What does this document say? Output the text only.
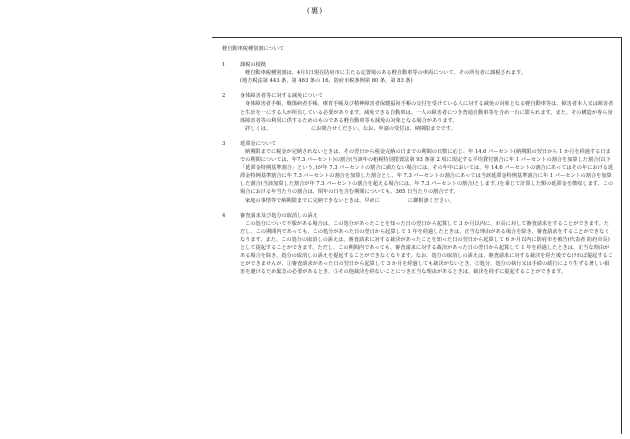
(裏)
軽自動車税種別割について

1	課税の根拠

軽自動車税種別割は、4月1日現在防府市に主たる定置場のある軽自動車等の車両について、その所有者に課税されます。

(地方税法第 443 条、第 463 条の 16、防府市税条例第 80 条、第 83 条)

2	身体障害者等に対する減免について

身体障害者手帳、戦傷病者手帳、療育手帳及び精神障害者保健福祉手帳の交付を受けている人に対する減免の対象となる軽自動車等は、障害者本人又は障害者と生計を一にする人が所有している必要があります。減免できる自動車は、一人の障害者につき普通自動車等を含め一台に限られます。また、その構造が専ら身体障害者等の利用に供するためのものである軽自動車等も減免の対象となる場合があります。

詳しくは、	にお問合せください。なお、申請の受付は、納期限までです。

3	延滞金について

納期限までに税金が完納されないときは、その翌日から税金完納の日までの期間の日数に応じ、年 14.6 パーセント(納期限の翌日から 1 か月を経過する日までの期間については、年7.3 パーセント)の割合(当該年の租税特別措置法第 93 条第 2 項に規定する平均貸付割合に年 1 パーセントの割合を加算した割合(以下「延滞金特例基準割合」という。)が年 7.3 パーセントの割合に満たない場合には、その年中においては、年 14.6 パーセントの割合にあってはその年における延滞金特例基準割合に年 7.3 パーセントの割合を加算した割合とし、年 7.3 パーセントの割合にあっては当該延滞金特例基準割合に年 1 パーセントの割合を加算した割合(当該加算した割合が年 7.3 パーセントの割合を超える場合には、年 7.3 パーセントの割合)とします。)を乗じて計算した額の延滞金を徴収します。この場合における年当たりの割合は、閏年の日を含む期間についても、365 日当たりの割合です。

家庭の事情等で納期限までに完納できないときは、早めに	に御相談ください。

4	審査請求及び処分の取消しの訴え

この処分について不服がある場合は、この処分があったことを知った日の翌日から起算して 3 か月以内に、市長に対して審査請求をすることができます。ただし、この期間内であっても、この処分があった日の翌日から起算して 1 年を経過したときは、正当な理由がある場合を除き、審査請求をすることができなくなります。また、この処分の取消しの訴えは、審査請求に対する裁決があったことを知った日の翌日から起算して 6 か月以内に防府市を被告(代表者 防府市長)として提起することができます。ただし、この期間内であっても、審査請求に対する裁決があった日の翌日から起算して 1 年を経過したときは、正当な理由がある場合を除き、処分の取消しの訴えを提起することができなくなります。なお、処分の取消しの訴えは、審査請求に対する裁決を経た後でなければ提起することができませんが、①審査請求があった日の翌日から起算して 3 か月を経過しても裁決がないとき、②処分、処分の執行又は手続の続行により生ずる著しい損害を避けるため緊急の必要があるとき、③その他裁決を経ないことにつき正当な理由があるときは、裁決を経ずに提起することができます。
